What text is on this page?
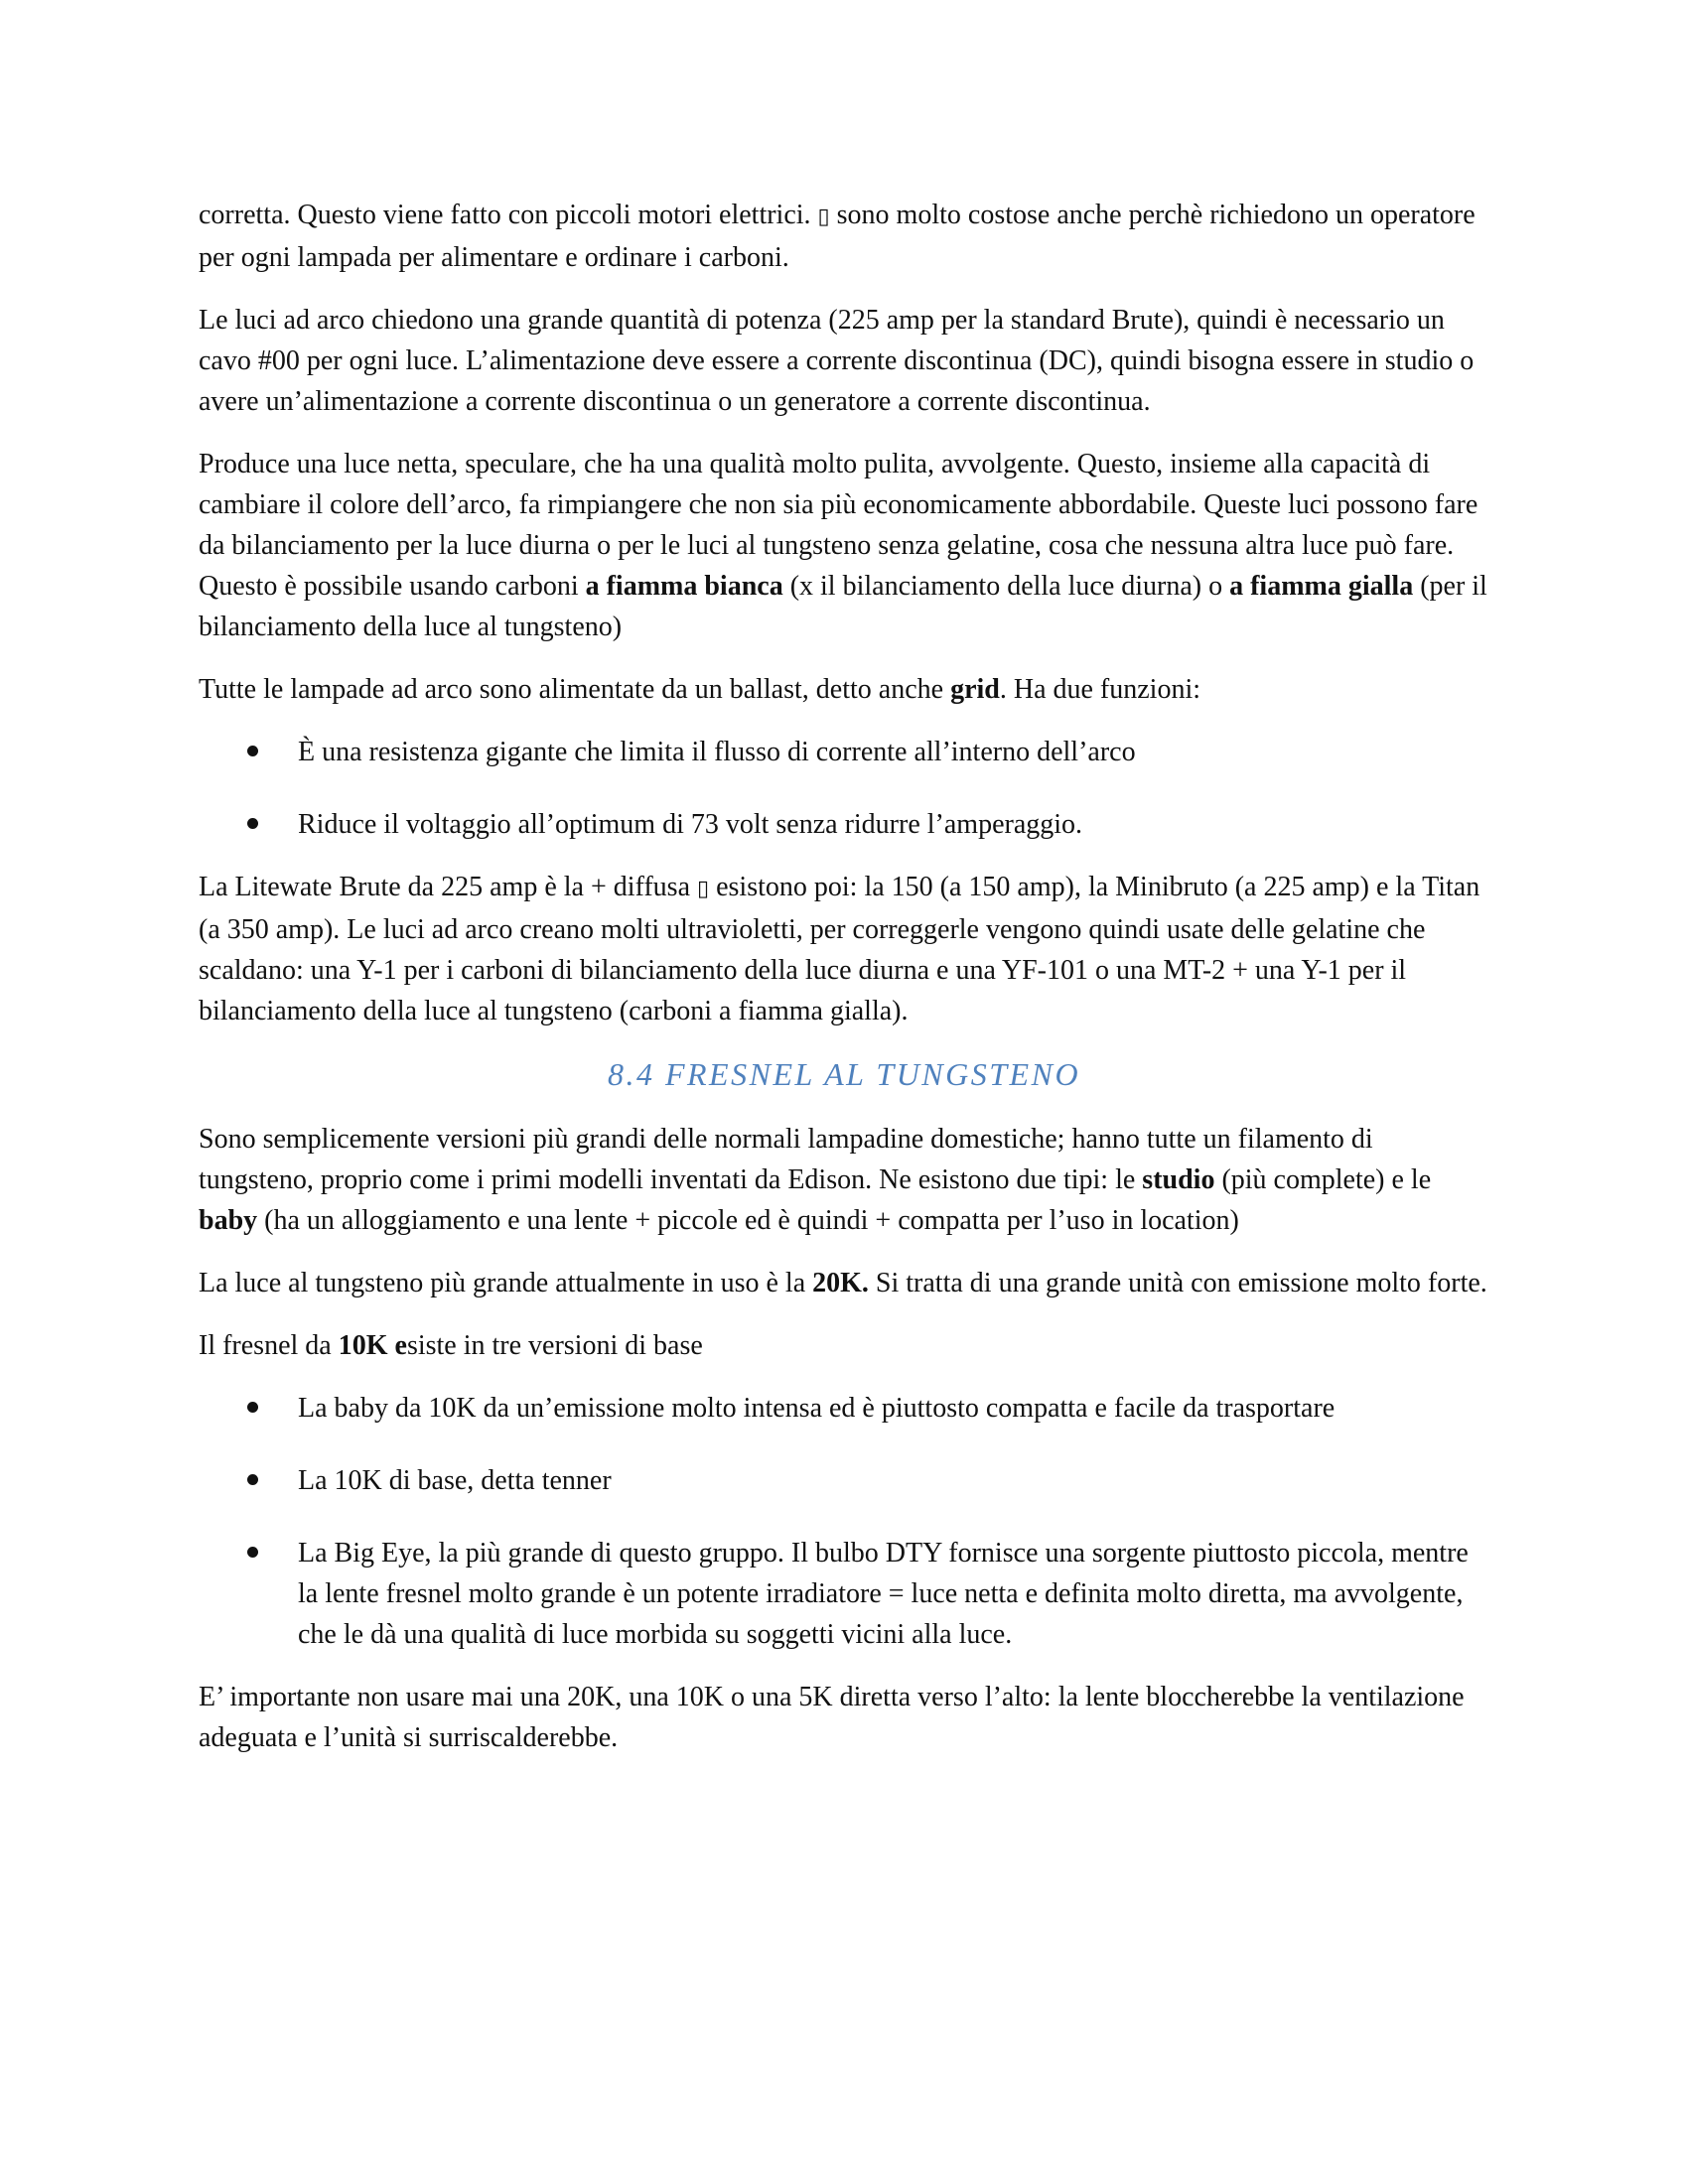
corretta. Questo viene fatto con piccoli motori elettrici. ▯ sono molto costose anche perchè richiedono un operatore per ogni lampada per alimentare e ordinare i carboni.

Le luci ad arco chiedono una grande quantità di potenza (225 amp per la standard Brute), quindi è necessario un cavo #00 per ogni luce. L’alimentazione deve essere a corrente discontinua (DC), quindi bisogna essere in studio o avere un’alimentazione a corrente discontinua o un generatore a corrente discontinua.

Produce una luce netta, speculare, che ha una qualità molto pulita, avvolgente. Questo, insieme alla capacità di cambiare il colore dell’arco, fa rimpiangere che non sia più economicamente abbordabile. Queste luci possono fare da bilanciamento per la luce diurna o per le luci al tungsteno senza gelatine, cosa che nessuna altra luce può fare. Questo è possibile usando carboni a fiamma bianca (x il bilanciamento della luce diurna) o a fiamma gialla (per il bilanciamento della luce al tungsteno)

Tutte le lampade ad arco sono alimentate da un ballast, detto anche grid. Ha due funzioni:

È una resistenza gigante che limita il flusso di corrente all’interno dell’arco
Riduce il voltaggio all’optimum di 73 volt senza ridurre l’amperaggio.

La Litewate Brute da 225 amp è la + diffusa ▯ esistono poi: la 150 (a 150 amp), la Minibruto (a 225 amp) e la Titan (a 350 amp). Le luci ad arco creano molti ultravioletti, per correggerle vengono quindi usate delle gelatine che scaldano: una Y-1 per i carboni di bilanciamento della luce diurna e una YF-101 o una MT-2 + una Y-1 per il bilanciamento della luce al tungsteno (carboni a fiamma gialla).

8.4 FRESNEL AL TUNGSTENO

Sono semplicemente versioni più grandi delle normali lampadine domestiche; hanno tutte un filamento di tungsteno, proprio come i primi modelli inventati da Edison. Ne esistono due tipi: le studio (più complete) e le baby (ha un alloggiamento e una lente + piccole ed è quindi + compatta per l’uso in location)

La luce al tungsteno più grande attualmente in uso è la 20K. Si tratta di una grande unità con emissione molto forte.

Il fresnel da 10K esiste in tre versioni di base

La baby da 10K da un’emissione molto intensa ed è piuttosto compatta e facile da trasportare
La 10K di base, detta tenner
La Big Eye, la più grande di questo gruppo. Il bulbo DTY fornisce una sorgente piuttosto piccola, mentre la lente fresnel molto grande è un potente irradiatore = luce netta e definita molto diretta, ma avvolgente, che le dà una qualità di luce morbida su soggetti vicini alla luce.

E’ importante non usare mai una 20K, una 10K o una 5K diretta verso l’alto: la lente bloccherebbe la ventilazione adeguata e l’unità si surriscalderebbe.
